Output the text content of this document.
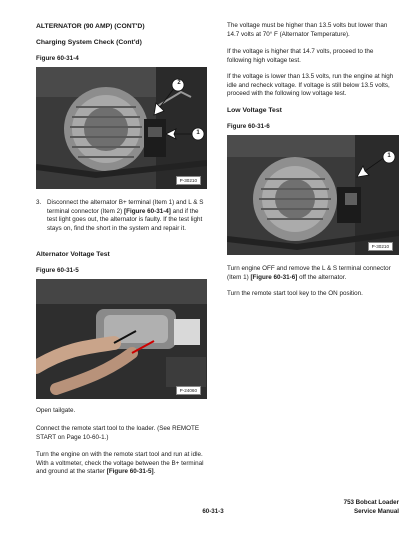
ALTERNATOR (90 AMP) (CONT'D)
Charging System Check (Cont'd)
Figure 60-31-4
2
1
P-30210
3. Disconnect the alternator B+ terminal (Item 1) and L & S terminal connector (Item 2) [Figure 60-31-4] and if the test light goes out, the alternator is faulty. If the test light stays on, find the short in the system and repair it.
Alternator Voltage Test
Figure 60-31-5
P-24060

Open tailgate.

Connect the remote start tool to the loader. (See REMOTE START on Page 10-60-1.)

Turn the engine on with the remote start tool and run at idle. With a voltmeter, check the voltage between the B+ terminal and ground at the starter [Figure 60-31-5].

The voltage must be higher than 13.5 volts but lower than 14.7 volts at 70° F (Alternator Temperature).

If the voltage is higher that 14.7 volts, proceed to the following high voltage test.

If the voltage is lower than 13.5 volts, run the engine at high idle and recheck voltage. If voltage is still below 13.5 volts, proceed with the following low voltage test.

Low Voltage Test
Figure 60-31-6
1
P-30210

Turn engine OFF and remove the L & S terminal connector (Item 1) [Figure 60-31-6] off the alternator.

Turn the remote start tool key to the ON position.

60-31-3
753 Bobcat Loader
Service Manual
